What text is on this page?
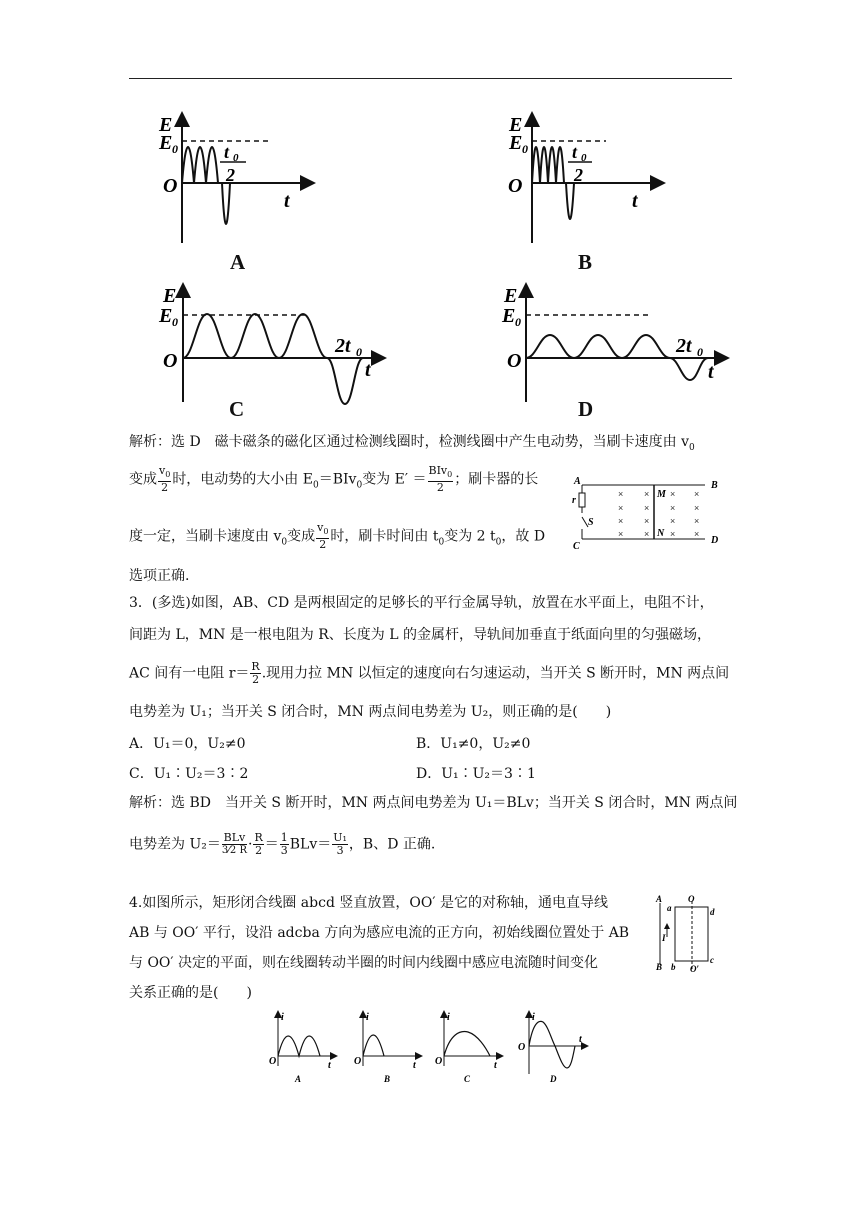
E
E 0
O
t
t 0
2
A
E
E 0
O
t
t 0
2
B
E
E 0
O	t
2t 0
C
E
E 0
O	t
2t 0
D
解析：选 D　磁卡磁条的磁化区通过检测线圈时，检测线圈中产生电动势，当刷卡速度由 $v_0$
变成 $\frac{v_0}{2}$ 时，电动势的大小由 $E_0=BIv_0$变为 $E' = \frac{BIv_0}{2}$ ；刷卡器的长
度一定，当刷卡速度由 $v_0$变成 $\frac{v_0}{2}$ 时，刷卡时间由 $t_0$变为 2 $t_0$，故 D
选项正确.
× × × ×
× × × ×
× × × ×
× × × ×
A	B
C
D
M
N
r
S
3．(多选)如图，AB、CD 是两根固定的足够长的平行金属导轨，放置在水平面上，电阻不计，
间距为 L，MN 是一根电阻为 R、长度为 L 的金属杆，导轨间加垂直于纸面向里的匀强磁场，
AC 间有一电阻 $r= \frac{R}{2}$ .现用力拉 MN 以恒定的速度向右匀速运动，当开关 S 断开时，MN 两点间
电势差为 U₁；当开关 S 闭合时，MN 两点间电势差为 U₂，则正确的是(　　)
A．U₁＝0，U₂≠0	B．U₁≠0，U₂≠0
C．U₁∶U₂＝3∶2	D．U₁∶U₂＝3∶1
解析：选 BD　当开关 S 断开时，MN 两点间电势差为 U₁＝BLv；当开关 S 闭合时，MN 两点间
电势差为 $U_2= \frac{\text{BLv}}{3⁄2 R} \cdot \frac{R}{2} = \frac{1}{3} BLv= \frac{\text{U₁}}{3}$ ，B、D 正确.
4.如图所示，矩形闭合线圈 abcd 竖直放置，OO′ 是它的对称轴，通电直导线
AB 与 OO′ 平行，设沿 adcba 方向为感应电流的正方向，初始线圈位置处于 AB
与 OO′ 决定的平面，则在线圈转动半圈的时间内线圈中感应电流随时间变化
关系正确的是(　　)
A	O
d
a
I
B b
c
O′
i
O	t
A
i
O	t
B
i
O	t
C
i
O
t
D
